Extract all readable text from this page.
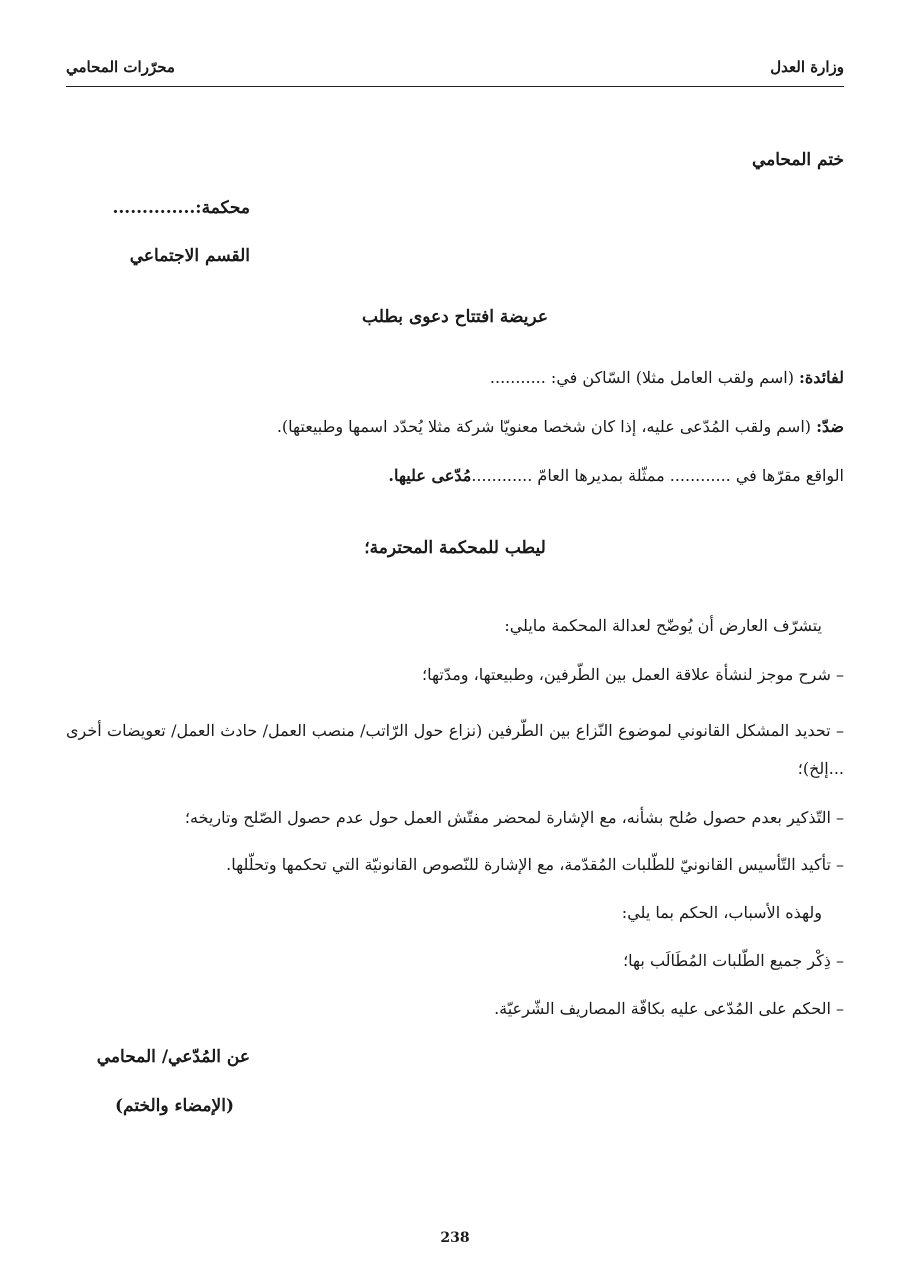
وزارة العدل
محرّرات المحامي
ختم المحامي
محكمة:..............
القسم الاجتماعي
عريضة افتتاح دعوى بطلب
لفائدة: (اسم ولقب العامل مثلا) السّاكن في: ...........
ضدّ: (اسم ولقب المُدّعى عليه، إذا كان شخصا معنويّا شركة مثلا يُحدّد اسمها وطبيعتها).
الواقع مقرّها في ............ ممثّلة بمديرها العامّ ............مُدّعى عليها.
ليطب للمحكمة المحترمة؛
يتشرّف العارض أن يُوضّح لعدالة المحكمة مايلي:
– شرح موجز لنشأة علاقة العمل بين الطّرفين، وطبيعتها، ومدّتها؛
– تحديد المشكل القانوني لموضوع النّزاع بين الطّرفين (نزاع حول الرّاتب/ منصب العمل/ حادث العمل/ تعويضات أخرى ...إلخ)؛
– التّذكير بعدم حصول صُلح بشأنه، مع الإشارة لمحضر مفتّش العمل حول عدم حصول الصّلح وتاريخه؛
– تأكيد التّأسيس القانونيّ للطّلبات المُقدّمة، مع الإشارة للنّصوص القانونيّة التي تحكمها وتحلّلها.
ولهذه الأسباب، الحكم بما يلي:
– ذِكْر جميع الطّلبات المُطَالَب بها؛
– الحكم على المُدّعى عليه بكافّة المصاريف الشّرعيّة.
عن المُدّعي/ المحامي
(الإمضاء والختم)
238
